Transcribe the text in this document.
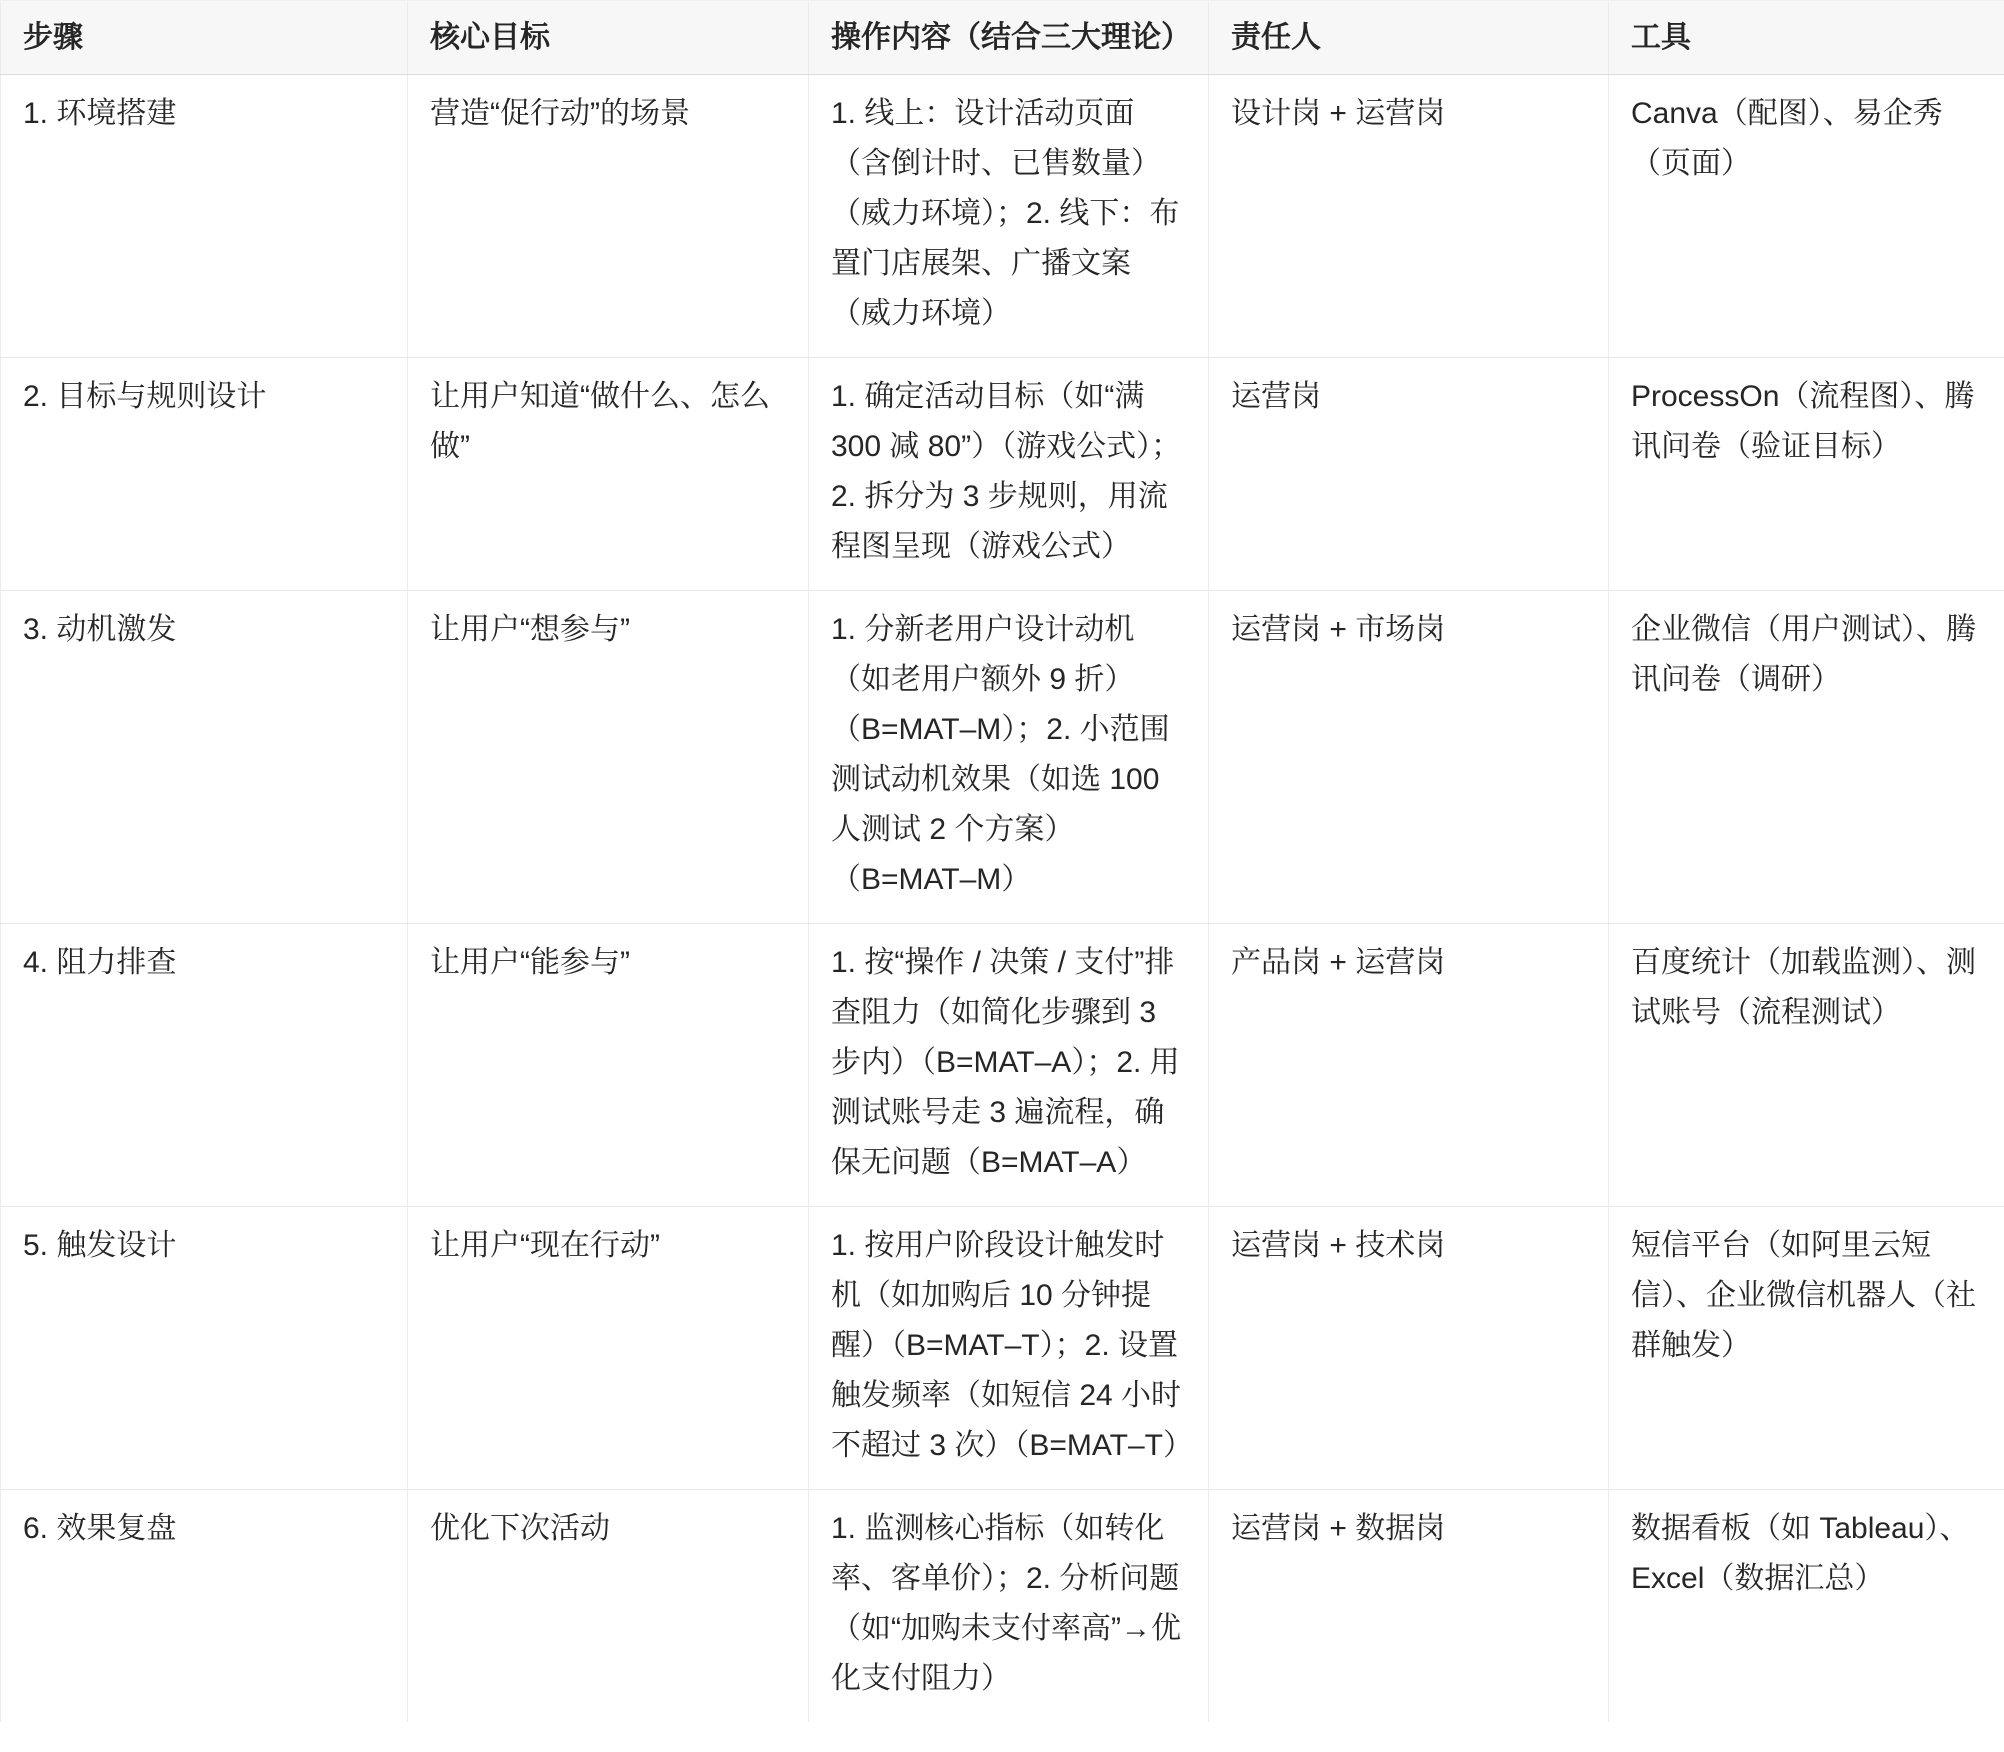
步骤	核心目标	操作内容（结合三大理论）	责任人	工具
1. 环境搭建	营造“促行动”的场景	1. 线上：设计活动页面（含倒计时、已售数量）（威力环境）；2. 线下：布置门店展架、广播文案（威力环境）	设计岗 + 运营岗	Canva（配图）、易企秀（页面）
2. 目标与规则设计	让用户知道“做什么、怎么做”	1. 确定活动目标（如“满 300 减 80”）（游戏公式）；2. 拆分为 3 步规则，用流程图呈现（游戏公式）	运营岗	ProcessOn（流程图）、腾讯问卷（验证目标）
3. 动机激发	让用户“想参与”	1. 分新老用户设计动机（如老用户额外 9 折）（B=MAT–M）；2. 小范围测试动机效果（如选 100 人测试 2 个方案）（B=MAT–M）	运营岗 + 市场岗	企业微信（用户测试）、腾讯问卷（调研）
4. 阻力排查	让用户“能参与”	1. 按“操作 / 决策 / 支付”排查阻力（如简化步骤到 3 步内）（B=MAT–A）；2. 用测试账号走 3 遍流程，确保无问题（B=MAT–A）	产品岗 + 运营岗	百度统计（加载监测）、测试账号（流程测试）
5. 触发设计	让用户“现在行动”	1. 按用户阶段设计触发时机（如加购后 10 分钟提醒）（B=MAT–T）；2. 设置触发频率（如短信 24 小时不超过 3 次）（B=MAT–T）	运营岗 + 技术岗	短信平台（如阿里云短信）、企业微信机器人（社群触发）
6. 效果复盘	优化下次活动	1. 监测核心指标（如转化率、客单价）；2. 分析问题（如“加购未支付率高”→优化支付阻力）	运营岗 + 数据岗	数据看板（如 Tableau）、Excel（数据汇总）
